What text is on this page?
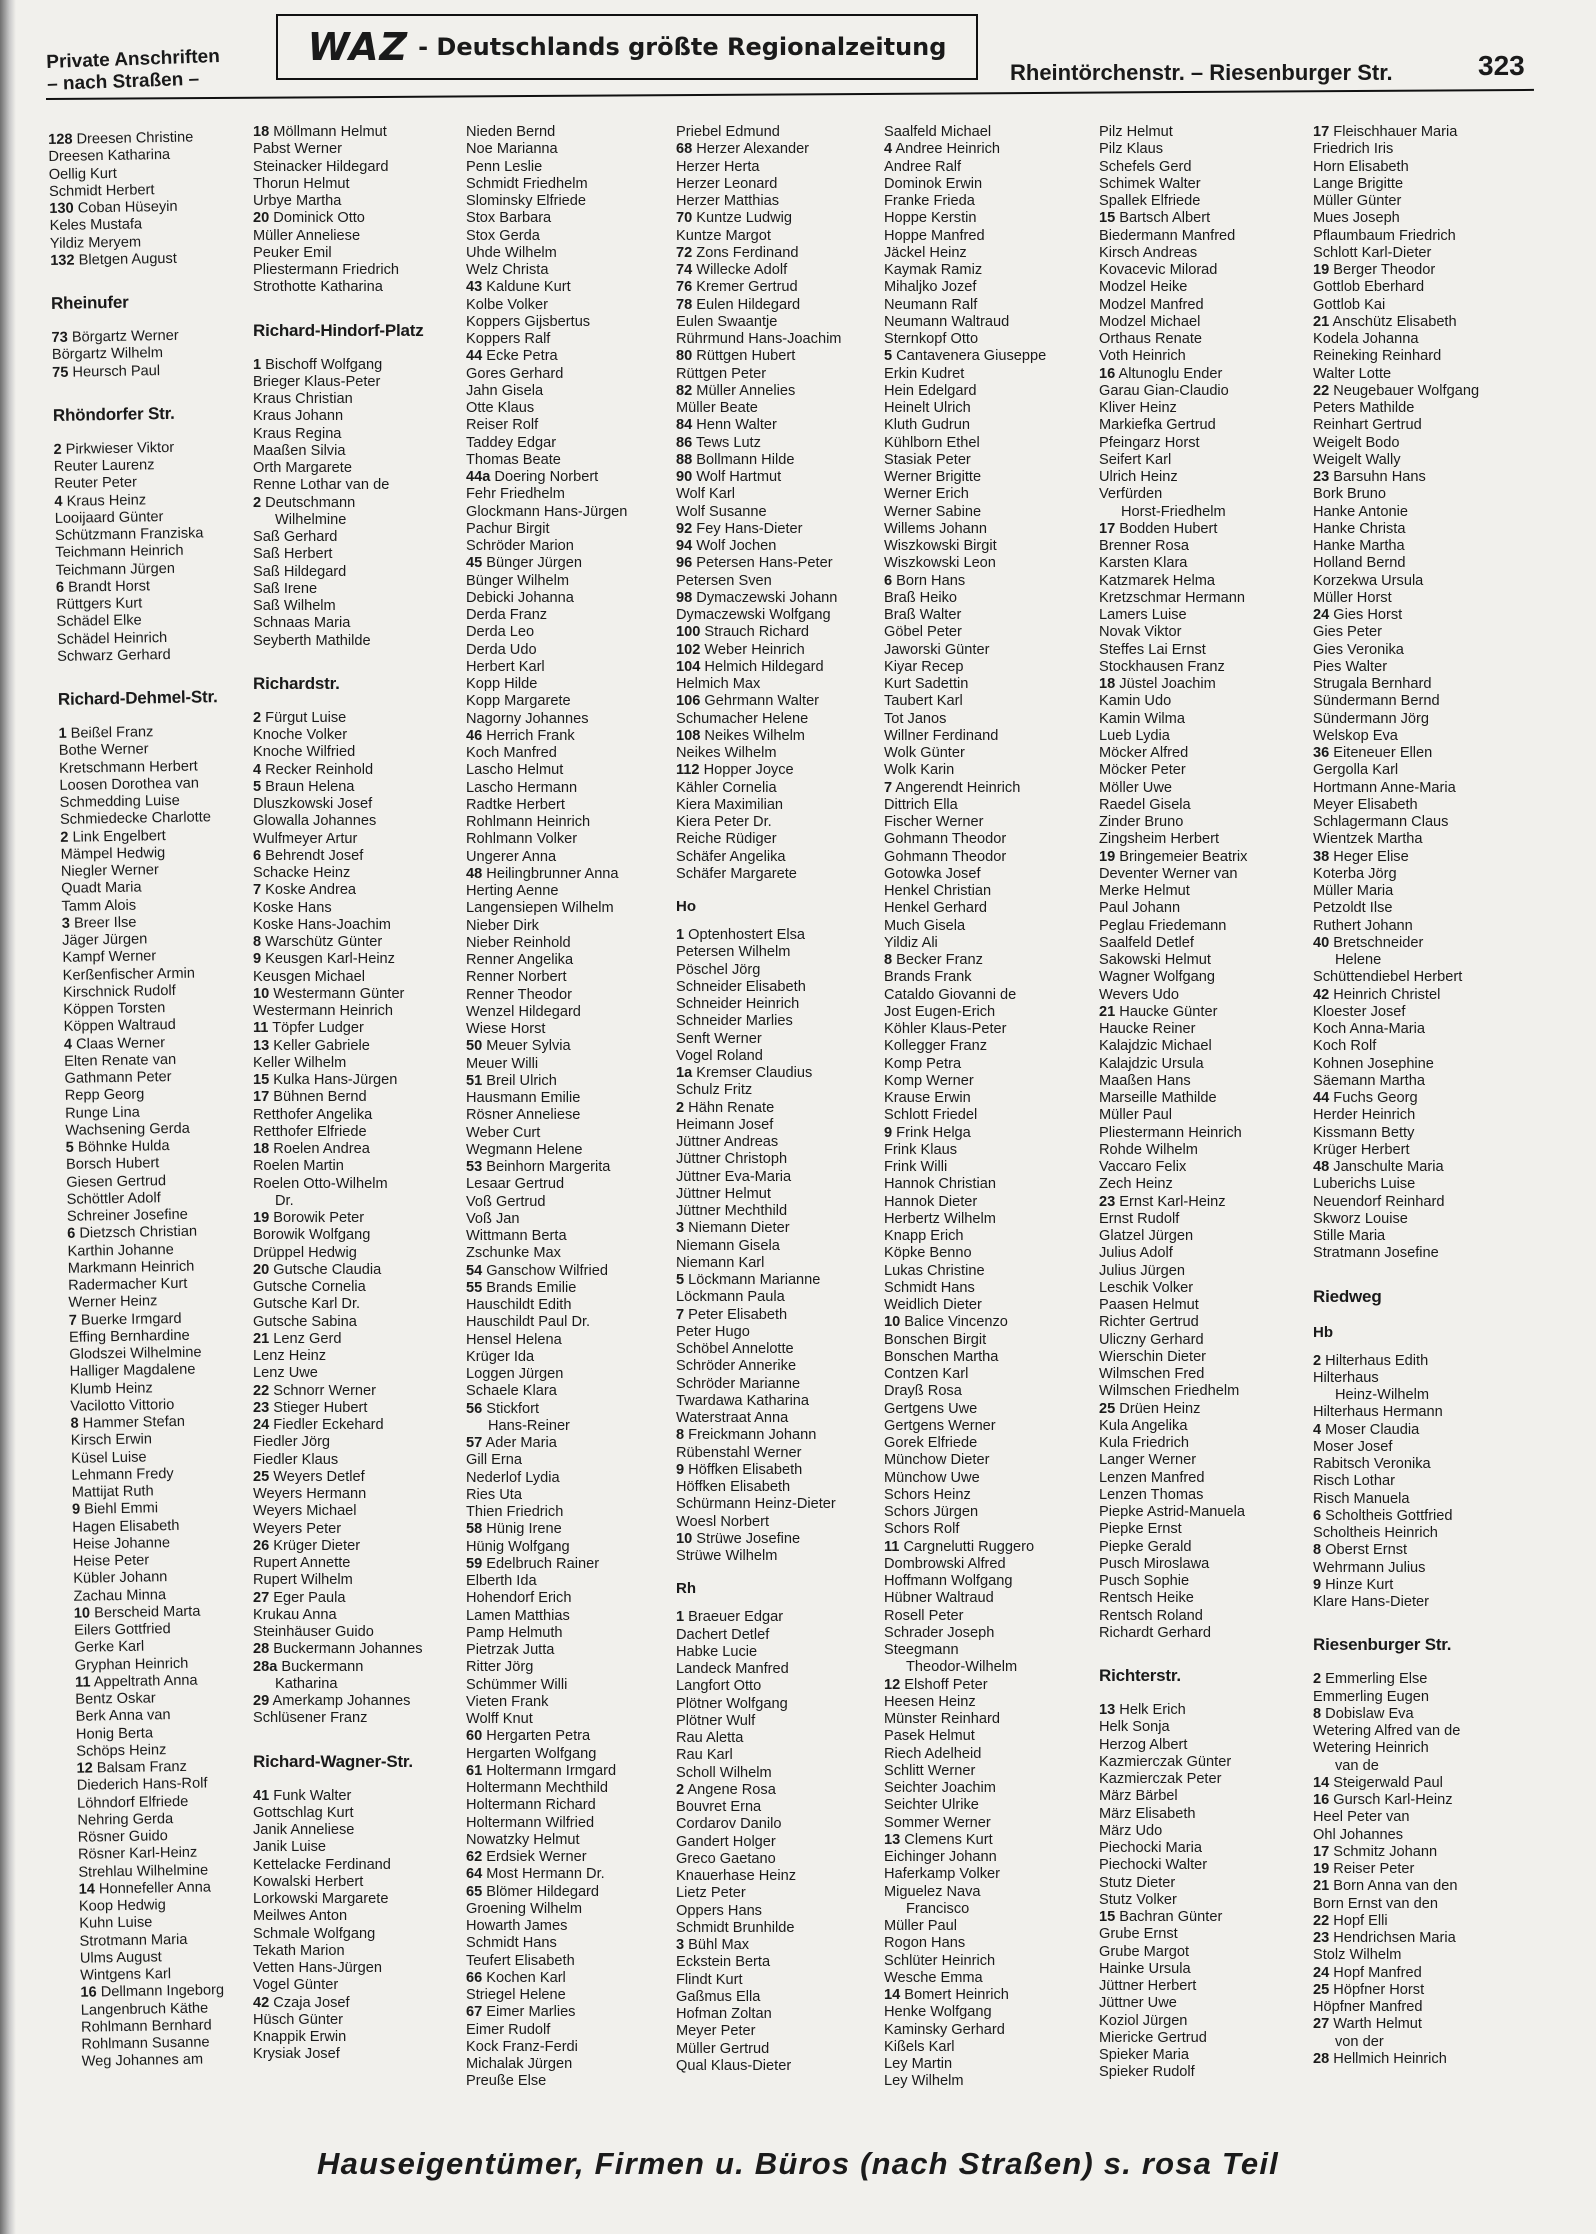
Private Anschriften
– nach Straßen –
WAZ - Deutschlands größte Regionalzeitung
Rheintörchenstr. – Riesenburger Str.	323
128 Dreesen Christine
Dreesen Katharina
Oellig Kurt
Schmidt Herbert
130 Coban Hüseyin
Keles Mustafa
Yildiz Meryem
132 Bletgen August
Rheinufer
73 Börgartz Werner
Börgartz Wilhelm
75 Heursch Paul
Rhöndorfer Str.
2 Pirkwieser Viktor
Reuter Laurenz
Reuter Peter
4 Kraus Heinz
Looijaard Günter
Schützmann Franziska
Teichmann Heinrich
Teichmann Jürgen
6 Brandt Horst
Rüttgers Kurt
Schädel Elke
Schädel Heinrich
Schwarz Gerhard
Richard-Dehmel-Str.
1 Beißel Franz
Bothe Werner
Kretschmann Herbert
Loosen Dorothea van
Schmedding Luise
Schmiedecke Charlotte
2 Link Engelbert
Mämpel Hedwig
Niegler Werner
Quadt Maria
Tamm Alois
3 Breer Ilse
Jäger Jürgen
Kampf Werner
Kerßenfischer Armin
Kirschnick Rudolf
Köppen Torsten
Köppen Waltraud
4 Claas Werner
Elten Renate van
Gathmann Peter
Repp Georg
Runge Lina
Wachsening Gerda
5 Böhnke Hulda
Borsch Hubert
Giesen Gertrud
Schöttler Adolf
Schreiner Josefine
6 Dietzsch Christian
Karthin Johanne
Markmann Heinrich
Radermacher Kurt
Werner Heinz
7 Buerke Irmgard
Effing Bernhardine
Glodszei Wilhelmine
Halliger Magdalene
Klumb Heinz
Vacilotto Vittorio
8 Hammer Stefan
Kirsch Erwin
Küsel Luise
Lehmann Fredy
Mattijat Ruth
9 Biehl Emmi
Hagen Elisabeth
Heise Johanne
Heise Peter
Kübler Johann
Zachau Minna
10 Berscheid Marta
Eilers Gottfried
Gerke Karl
Gryphan Heinrich
11 Appeltrath Anna
Bentz Oskar
Berk Anna van
Honig Berta
Schöps Heinz
12 Balsam Franz
Diederich Hans-Rolf
Löhndorf Elfriede
Nehring Gerda
Rösner Guido
Rösner Karl-Heinz
Strehlau Wilhelmine
14 Honnefeller Anna
Koop Hedwig
Kuhn Luise
Strotmann Maria
Ulms August
Wintgens Karl
16 Dellmann Ingeborg
Langenbruch Käthe
Rohlmann Bernhard
Rohlmann Susanne
Weg Johannes am
18 Möllmann Helmut
Pabst Werner
Steinacker Hildegard
Thorun Helmut
Urbye Martha
20 Dominick Otto
Müller Anneliese
Peuker Emil
Pliestermann Friedrich
Strothotte Katharina
Richard-Hindorf-Platz
1 Bischoff Wolfgang
Brieger Klaus-Peter
Kraus Christian
Kraus Johann
Kraus Regina
Maaßen Silvia
Orth Margarete
Renne Lothar van de
2 Deutschmann
Wilhelmine
Saß Gerhard
Saß Herbert
Saß Hildegard
Saß Irene
Saß Wilhelm
Schnaas Maria
Seyberth Mathilde
Richardstr.
2 Fürgut Luise
Knoche Volker
Knoche Wilfried
4 Recker Reinhold
5 Braun Helena
Dluszkowski Josef
Glowalla Johannes
Wulfmeyer Artur
6 Behrendt Josef
Schacke Heinz
7 Koske Andrea
Koske Hans
Koske Hans-Joachim
8 Warschütz Günter
9 Keusgen Karl-Heinz
Keusgen Michael
10 Westermann Günter
Westermann Heinrich
11 Töpfer Ludger
13 Keller Gabriele
Keller Wilhelm
15 Kulka Hans-Jürgen
17 Bühnen Bernd
Retthofer Angelika
Retthofer Elfriede
18 Roelen Andrea
Roelen Martin
Roelen Otto-Wilhelm
Dr.
19 Borowik Peter
Borowik Wolfgang
Drüppel Hedwig
20 Gutsche Claudia
Gutsche Cornelia
Gutsche Karl Dr.
Gutsche Sabina
21 Lenz Gerd
Lenz Heinz
Lenz Uwe
22 Schnorr Werner
23 Stieger Hubert
24 Fiedler Eckehard
Fiedler Jörg
Fiedler Klaus
25 Weyers Detlef
Weyers Hermann
Weyers Michael
Weyers Peter
26 Krüger Dieter
Rupert Annette
Rupert Wilhelm
27 Eger Paula
Krukau Anna
Steinhäuser Guido
28 Buckermann Johannes
28a Buckermann
Katharina
29 Amerkamp Johannes
Schlüsener Franz
Richard-Wagner-Str.
41 Funk Walter
Gottschlag Kurt
Janik Anneliese
Janik Luise
Kettelacke Ferdinand
Kowalski Herbert
Lorkowski Margarete
Meilwes Anton
Schmale Wolfgang
Tekath Marion
Vetten Hans-Jürgen
Vogel Günter
42 Czaja Josef
Hüsch Günter
Knappik Erwin
Krysiak Josef
Nieden Bernd
Noe Marianna
Penn Leslie
Schmidt Friedhelm
Slominsky Elfriede
Stox Barbara
Stox Gerda
Uhde Wilhelm
Welz Christa
43 Kaldune Kurt
Kolbe Volker
Koppers Gijsbertus
Koppers Ralf
44 Ecke Petra
Gores Gerhard
Jahn Gisela
Otte Klaus
Reiser Rolf
Taddey Edgar
Thomas Beate
44a Doering Norbert
Fehr Friedhelm
Glockmann Hans-Jürgen
Pachur Birgit
Schröder Marion
45 Bünger Jürgen
Bünger Wilhelm
Debicki Johanna
Derda Franz
Derda Leo
Derda Udo
Herbert Karl
Kopp Hilde
Kopp Margarete
Nagorny Johannes
46 Herrich Frank
Koch Manfred
Lascho Helmut
Lascho Hermann
Radtke Herbert
Rohlmann Heinrich
Rohlmann Volker
Ungerer Anna
48 Heilingbrunner Anna
Herting Aenne
Langensiepen Wilhelm
Nieber Dirk
Nieber Reinhold
Renner Angelika
Renner Norbert
Renner Theodor
Wenzel Hildegard
Wiese Horst
50 Meuer Sylvia
Meuer Willi
51 Breil Ulrich
Hausmann Emilie
Rösner Anneliese
Weber Curt
Wegmann Helene
53 Beinhorn Margerita
Lesaar Gertrud
Voß Gertrud
Voß Jan
Wittmann Berta
Zschunke Max
54 Ganschow Wilfried
55 Brands Emilie
Hauschildt Edith
Hauschildt Paul Dr.
Hensel Helena
Krüger Ida
Loggen Jürgen
Schaele Klara
56 Stickfort
Hans-Reiner
57 Ader Maria
Gill Erna
Nederlof Lydia
Ries Uta
Thien Friedrich
58 Hünig Irene
Hünig Wolfgang
59 Edelbruch Rainer
Elberth Ida
Hohendorf Erich
Lamen Matthias
Pamp Helmuth
Pietrzak Jutta
Ritter Jörg
Schümmer Willi
Vieten Frank
Wolff Knut
60 Hergarten Petra
Hergarten Wolfgang
61 Holtermann Irmgard
Holtermann Mechthild
Holtermann Richard
Holtermann Wilfried
Nowatzky Helmut
62 Erdsiek Werner
64 Most Hermann Dr.
65 Blömer Hildegard
Groening Wilhelm
Howarth James
Schmidt Hans
Teufert Elisabeth
66 Kochen Karl
Striegel Helene
67 Eimer Marlies
Eimer Rudolf
Kock Franz-Ferdi
Michalak Jürgen
Preuße Else
Priebel Edmund
68 Herzer Alexander
Herzer Herta
Herzer Leonard
Herzer Matthias
70 Kuntze Ludwig
Kuntze Margot
72 Zons Ferdinand
74 Willecke Adolf
76 Kremer Gertrud
78 Eulen Hildegard
Eulen Swaantje
Rührmund Hans-Joachim
80 Rüttgen Hubert
Rüttgen Peter
82 Müller Annelies
Müller Beate
84 Henn Walter
86 Tews Lutz
88 Bollmann Hilde
90 Wolf Hartmut
Wolf Karl
Wolf Susanne
92 Fey Hans-Dieter
94 Wolf Jochen
96 Petersen Hans-Peter
Petersen Sven
98 Dymaczewski Johann
Dymaczewski Wolfgang
100 Strauch Richard
102 Weber Heinrich
104 Helmich Hildegard
Helmich Max
106 Gehrmann Walter
Schumacher Helene
108 Neikes Wilhelm
Neikes Wilhelm
112 Hopper Joyce
Kähler Cornelia
Kiera Maximilian
Kiera Peter Dr.
Reiche Rüdiger
Schäfer Angelika
Schäfer Margarete
Ho
1 Optenhostert Elsa
Petersen Wilhelm
Pöschel Jörg
Schneider Elisabeth
Schneider Heinrich
Schneider Marlies
Senft Werner
Vogel Roland
1a Kremser Claudius
Schulz Fritz
2 Hähn Renate
Heimann Josef
Jüttner Andreas
Jüttner Christoph
Jüttner Eva-Maria
Jüttner Helmut
Jüttner Mechthild
3 Niemann Dieter
Niemann Gisela
Niemann Karl
5 Löckmann Marianne
Löckmann Paula
7 Peter Elisabeth
Peter Hugo
Schöbel Annelotte
Schröder Annerike
Schröder Marianne
Twardawa Katharina
Waterstraat Anna
8 Freickmann Johann
Rübenstahl Werner
9 Höffken Elisabeth
Höffken Elisabeth
Schürmann Heinz-Dieter
Woesl Norbert
10 Strüwe Josefine
Strüwe Wilhelm
Rh
1 Braeuer Edgar
Dachert Detlef
Habke Lucie
Landeck Manfred
Langfort Otto
Plötner Wolfgang
Plötner Wulf
Rau Aletta
Rau Karl
Scholl Wilhelm
2 Angene Rosa
Bouvret Erna
Cordarov Danilo
Gandert Holger
Greco Gaetano
Knauerhase Heinz
Lietz Peter
Oppers Hans
Schmidt Brunhilde
3 Bühl Max
Eckstein Berta
Flindt Kurt
Gaßmus Ella
Hofman Zoltan
Meyer Peter
Müller Gertrud
Qual Klaus-Dieter
Saalfeld Michael
4 Andree Heinrich
Andree Ralf
Dominok Erwin
Franke Frieda
Hoppe Kerstin
Hoppe Manfred
Jäckel Heinz
Kaymak Ramiz
Mihaljko Jozef
Neumann Ralf
Neumann Waltraud
Sternkopf Otto
5 Cantavenera Giuseppe
Erkin Kudret
Hein Edelgard
Heinelt Ulrich
Kluth Gudrun
Kühlborn Ethel
Stasiak Peter
Werner Brigitte
Werner Erich
Werner Sabine
Willems Johann
Wiszkowski Birgit
Wiszkowski Leon
6 Born Hans
Braß Heiko
Braß Walter
Göbel Peter
Jaworski Günter
Kiyar Recep
Kurt Sadettin
Taubert Karl
Tot Janos
Willner Ferdinand
Wolk Günter
Wolk Karin
7 Angerendt Heinrich
Dittrich Ella
Fischer Werner
Gohmann Theodor
Gohmann Theodor
Gotowka Josef
Henkel Christian
Henkel Gerhard
Much Gisela
Yildiz Ali
8 Becker Franz
Brands Frank
Cataldo Giovanni de
Jost Eugen-Erich
Köhler Klaus-Peter
Kollegger Franz
Komp Petra
Komp Werner
Krause Erwin
Schlott Friedel
9 Frink Helga
Frink Klaus
Frink Willi
Hannok Christian
Hannok Dieter
Herbertz Wilhelm
Knapp Erich
Köpke Benno
Lukas Christine
Schmidt Hans
Weidlich Dieter
10 Balice Vincenzo
Bonschen Birgit
Bonschen Martha
Contzen Karl
Drayß Rosa
Gertgens Uwe
Gertgens Werner
Gorek Elfriede
Münchow Dieter
Münchow Uwe
Schors Heinz
Schors Jürgen
Schors Rolf
11 Cargnelutti Ruggero
Dombrowski Alfred
Hoffmann Wolfgang
Hübner Waltraud
Rosell Peter
Schrader Joseph
Steegmann
Theodor-Wilhelm
12 Elshoff Peter
Heesen Heinz
Münster Reinhard
Pasek Helmut
Riech Adelheid
Schlitt Werner
Seichter Joachim
Seichter Ulrike
Sommer Werner
13 Clemens Kurt
Eichinger Johann
Haferkamp Volker
Miguelez Nava
Francisco
Müller Paul
Rogon Hans
Schlüter Heinrich
Wesche Emma
14 Bomert Heinrich
Henke Wolfgang
Kaminsky Gerhard
Kißels Karl
Ley Martin
Ley Wilhelm
Pilz Helmut
Pilz Klaus
Schefels Gerd
Schimek Walter
Spallek Elfriede
15 Bartsch Albert
Biedermann Manfred
Kirsch Andreas
Kovacevic Milorad
Modzel Heike
Modzel Manfred
Modzel Michael
Orthaus Renate
Voth Heinrich
16 Altunoglu Ender
Garau Gian-Claudio
Kliver Heinz
Markiefka Gertrud
Pfeingarz Horst
Seifert Karl
Ulrich Heinz
Verfürden
Horst-Friedhelm
17 Bodden Hubert
Brenner Rosa
Karsten Klara
Katzmarek Helma
Kretzschmar Hermann
Lamers Luise
Novak Viktor
Steffes Lai Ernst
Stockhausen Franz
18 Jüstel Joachim
Kamin Udo
Kamin Wilma
Lueb Lydia
Möcker Alfred
Möcker Peter
Möller Uwe
Raedel Gisela
Zinder Bruno
Zingsheim Herbert
19 Bringemeier Beatrix
Deventer Werner van
Merke Helmut
Paul Johann
Peglau Friedemann
Saalfeld Detlef
Sakowski Helmut
Wagner Wolfgang
Wevers Udo
21 Haucke Günter
Haucke Reiner
Kalajdzic Michael
Kalajdzic Ursula
Maaßen Hans
Marseille Mathilde
Müller Paul
Pliestermann Heinrich
Rohde Wilhelm
Vaccaro Felix
Zech Heinz
23 Ernst Karl-Heinz
Ernst Rudolf
Glatzel Jürgen
Julius Adolf
Julius Jürgen
Leschik Volker
Paasen Helmut
Richter Gertrud
Uliczny Gerhard
Wierschin Dieter
Wilmschen Fred
Wilmschen Friedhelm
25 Drüen Heinz
Kula Angelika
Kula Friedrich
Langer Werner
Lenzen Manfred
Lenzen Thomas
Piepke Astrid-Manuela
Piepke Ernst
Piepke Gerald
Pusch Miroslawa
Pusch Sophie
Rentsch Heike
Rentsch Roland
Richardt Gerhard
Richterstr.
13 Helk Erich
Helk Sonja
Herzog Albert
Kazmierczak Günter
Kazmierczak Peter
März Bärbel
März Elisabeth
März Udo
Piechocki Maria
Piechocki Walter
Stutz Dieter
Stutz Volker
15 Bachran Günter
Grube Ernst
Grube Margot
Hainke Ursula
Jüttner Herbert
Jüttner Uwe
Koziol Jürgen
Miericke Gertrud
Spieker Maria
Spieker Rudolf
17 Fleischhauer Maria
Friedrich Iris
Horn Elisabeth
Lange Brigitte
Müller Günter
Mues Joseph
Pflaumbaum Friedrich
Schlott Karl-Dieter
19 Berger Theodor
Gottlob Eberhard
Gottlob Kai
21 Anschütz Elisabeth
Kodela Johanna
Reineking Reinhard
Walter Lotte
22 Neugebauer Wolfgang
Peters Mathilde
Reinhart Gertrud
Weigelt Bodo
Weigelt Wally
23 Barsuhn Hans
Bork Bruno
Hanke Antonie
Hanke Christa
Hanke Martha
Holland Bernd
Korzekwa Ursula
Müller Horst
24 Gies Horst
Gies Peter
Gies Veronika
Pies Walter
Strugala Bernhard
Sündermann Bernd
Sündermann Jörg
Welskop Eva
36 Eiteneuer Ellen
Gergolla Karl
Hortmann Anne-Maria
Meyer Elisabeth
Schlagermann Claus
Wientzek Martha
38 Heger Elise
Koterba Jörg
Müller Maria
Petzoldt Ilse
Ruthert Johann
40 Bretschneider
Helene
Schüttendiebel Herbert
42 Heinrich Christel
Kloester Josef
Koch Anna-Maria
Koch Rolf
Kohnen Josephine
Säemann Martha
44 Fuchs Georg
Herder Heinrich
Kissmann Betty
Krüger Herbert
48 Janschulte Maria
Luberichs Luise
Neuendorf Reinhard
Skworz Louise
Stille Maria
Stratmann Josefine
Riedweg
Hb
2 Hilterhaus Edith
Hilterhaus
Heinz-Wilhelm
Hilterhaus Hermann
4 Moser Claudia
Moser Josef
Rabitsch Veronika
Risch Lothar
Risch Manuela
6 Scholtheis Gottfried
Scholtheis Heinrich
8 Oberst Ernst
Wehrmann Julius
9 Hinze Kurt
Klare Hans-Dieter
Riesenburger Str.
2 Emmerling Else
Emmerling Eugen
8 Dobislaw Eva
Wetering Alfred van de
Wetering Heinrich
van de
14 Steigerwald Paul
16 Gursch Karl-Heinz
Heel Peter van
Ohl Johannes
17 Schmitz Johann
19 Reiser Peter
21 Born Anna van den
Born Ernst van den
22 Hopf Elli
23 Hendrichsen Maria
Stolz Wilhelm
24 Hopf Manfred
25 Höpfner Horst
Höpfner Manfred
27 Warth Helmut
von der
28 Hellmich Heinrich
Hauseigentümer, Firmen u. Büros (nach Straßen) s. rosa Teil
